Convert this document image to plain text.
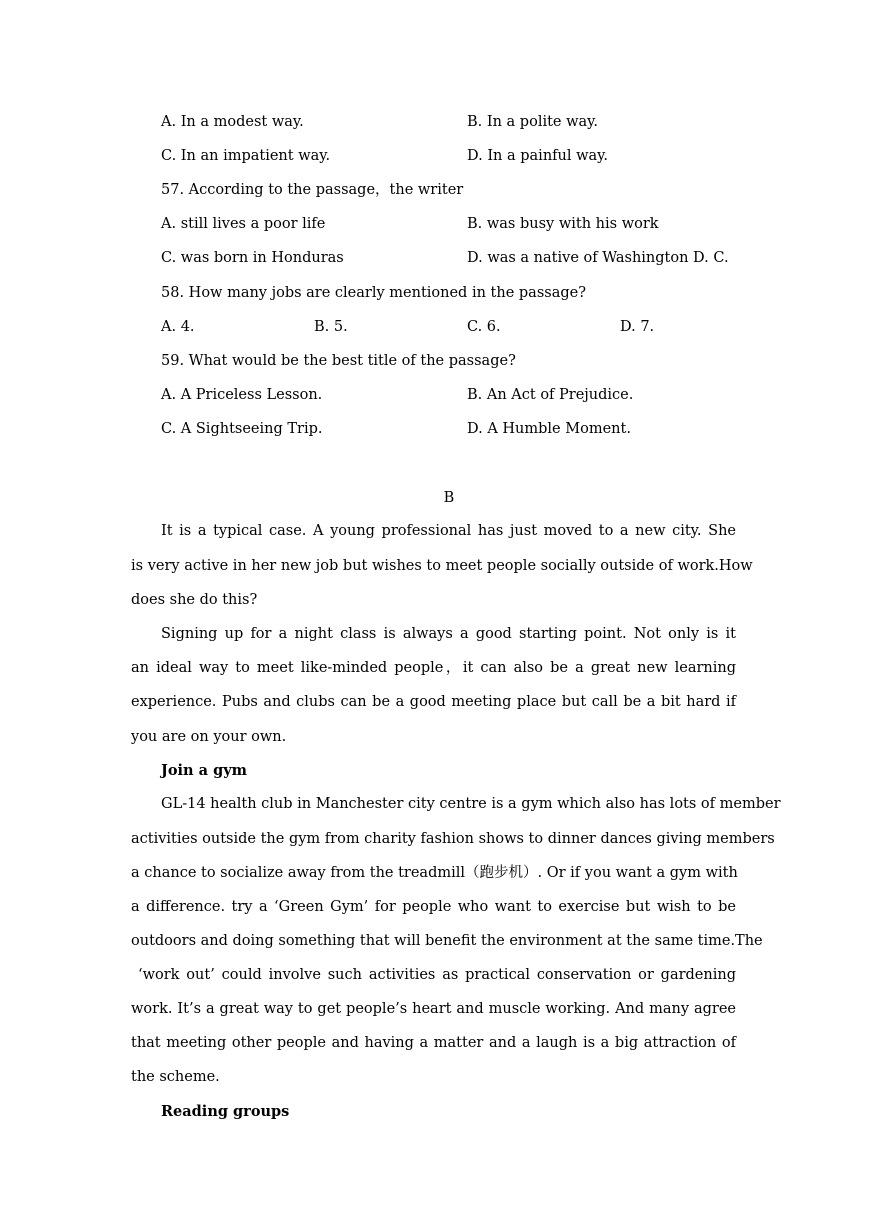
A. In a modest way.	B. In a polite way.
C. In an impatient way.	D. In a painful way.
57. According to the passage，the writer
A. still lives a poor life	B. was busy with his work
C. was born in Honduras	D. was a native of Washington D. C.
58. How many jobs are clearly mentioned in the passage?
A. 4.	B. 5.	C. 6.	D. 7.
59. What would be the best title of the passage?
A. A Priceless Lesson.	B. An Act of Prejudice.
C. A Sightseeing Trip.	D. A Humble Moment.
B
It is a typical case. A young professional has just moved to a new city. She
is very active in her new job but wishes to meet people socially outside of work.How
does she do this?
Signing up for a night class is always a good starting point. Not only is it
an ideal way to meet like-minded people，it can also be a great new learning
experience. Pubs and clubs can be a good meeting place but call be a bit hard if
you are on your own.
Join a gym
GL-14 health club in Manchester city centre is a gym which also has lots of member
activities outside the gym from charity fashion shows to dinner dances giving members
a chance to socialize away from the treadmill（跑步机）. Or if you want a gym with
a difference. try a ‘Green Gym’ for people who want to exercise but wish to be
outdoors and doing something that will benefit the environment at the same time.The
‘work out’ could involve such activities as practical conservation or gardening
work. It’s a great way to get people’s heart and muscle working. And many agree
that meeting other people and having a matter and a laugh is a big attraction of
the scheme.
Reading groups
